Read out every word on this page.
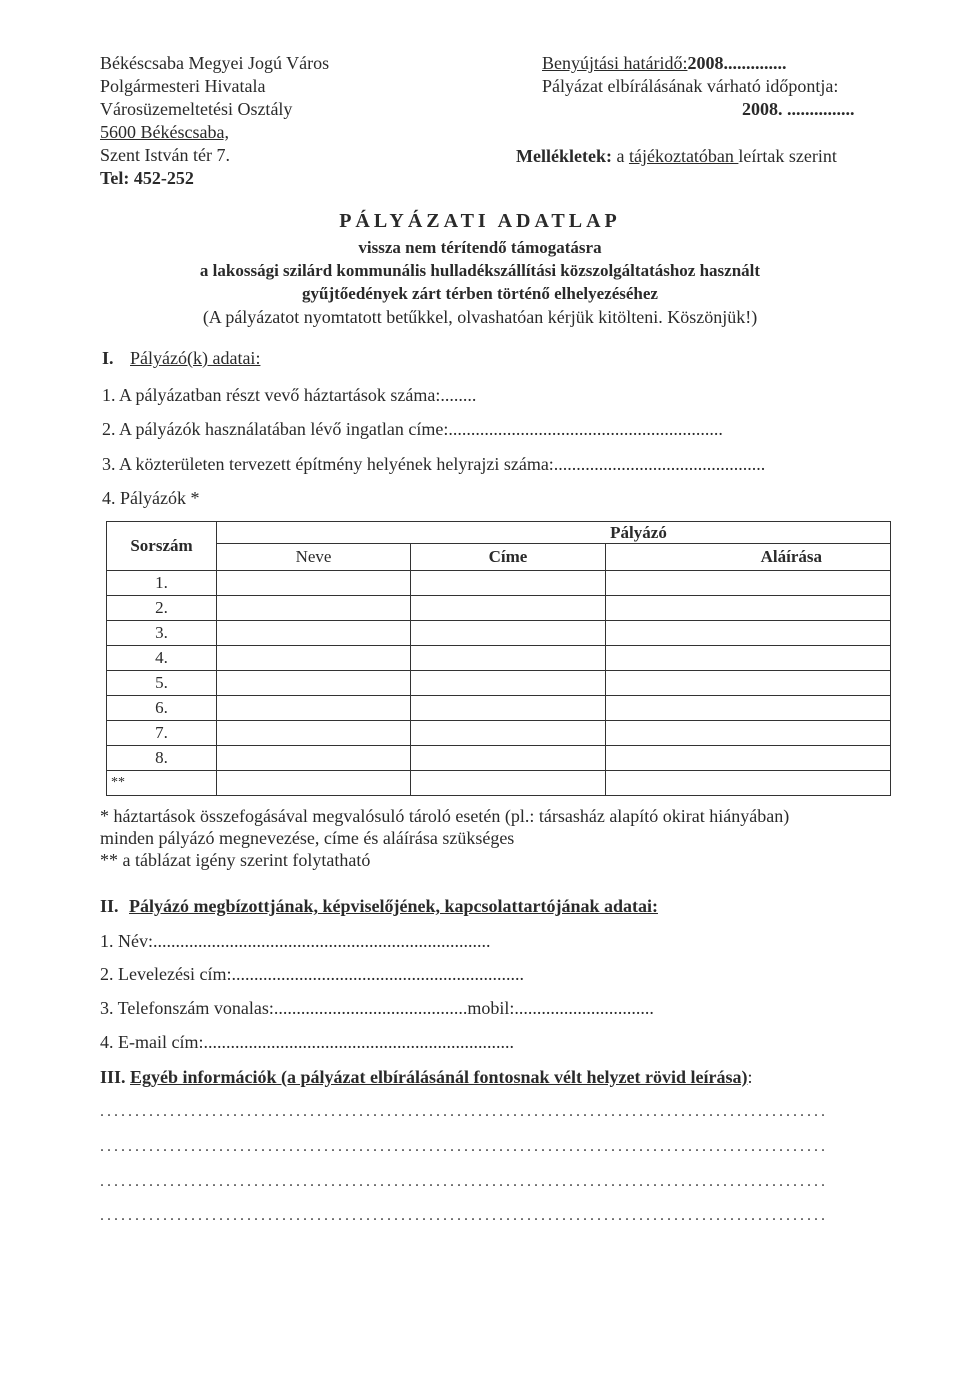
Békéscsaba Megyei Jogú Város
Polgármesteri Hivatala
Városüzemeltetési Osztály
5600 Békéscsaba,
Szent István tér 7.
Tel: 452-252
Benyújtási határidő:2008..............
Pályázat elbírálásának várható időpontja:
2008. ...............
Mellékletek: a tájékoztatóban leírtak szerint
PÁLYÁZATI ADATLAP
vissza nem térítendő támogatásra
a lakossági szilárd kommunális hulladékszállítási közszolgáltatáshoz használt
gyűjtőedények zárt térben történő elhelyezéséhez
(A pályázatot nyomtatott betűkkel, olvashatóan kérjük kitölteni. Köszönjük!)
I. Pályázó(k) adatai:
1. A pályázatban részt vevő háztartások száma:........
2. A pályázók használatában lévő ingatlan címe:.............................................................
3. A közterületen tervezett építmény helyének helyrajzi száma:...............................................
4. Pályázók *
Sorszám	Pályázó		
	Neve	Címe	Aláírása
1.			
2.			
3.			
4.			
5.			
6.			
7.			
8.			
**			
* háztartások összefogásával megvalósuló tároló esetén (pl.: társasház alapító okirat hiányában)
minden pályázó megnevezése, címe és aláírása szükséges
** a táblázat igény szerint folytatható
II. Pályázó megbízottjának, képviselőjének, kapcsolattartójának adatai:
1. Név:...........................................................................
2. Levelezési cím:.................................................................
3. Telefonszám vonalas:...........................................mobil:...............................
4. E-mail cím:.....................................................................
III. Egyéb információk (a pályázat elbírálásánál fontosnak vélt helyzet rövid leírása):
........................................................................................................
........................................................................................................
........................................................................................................
........................................................................................................
